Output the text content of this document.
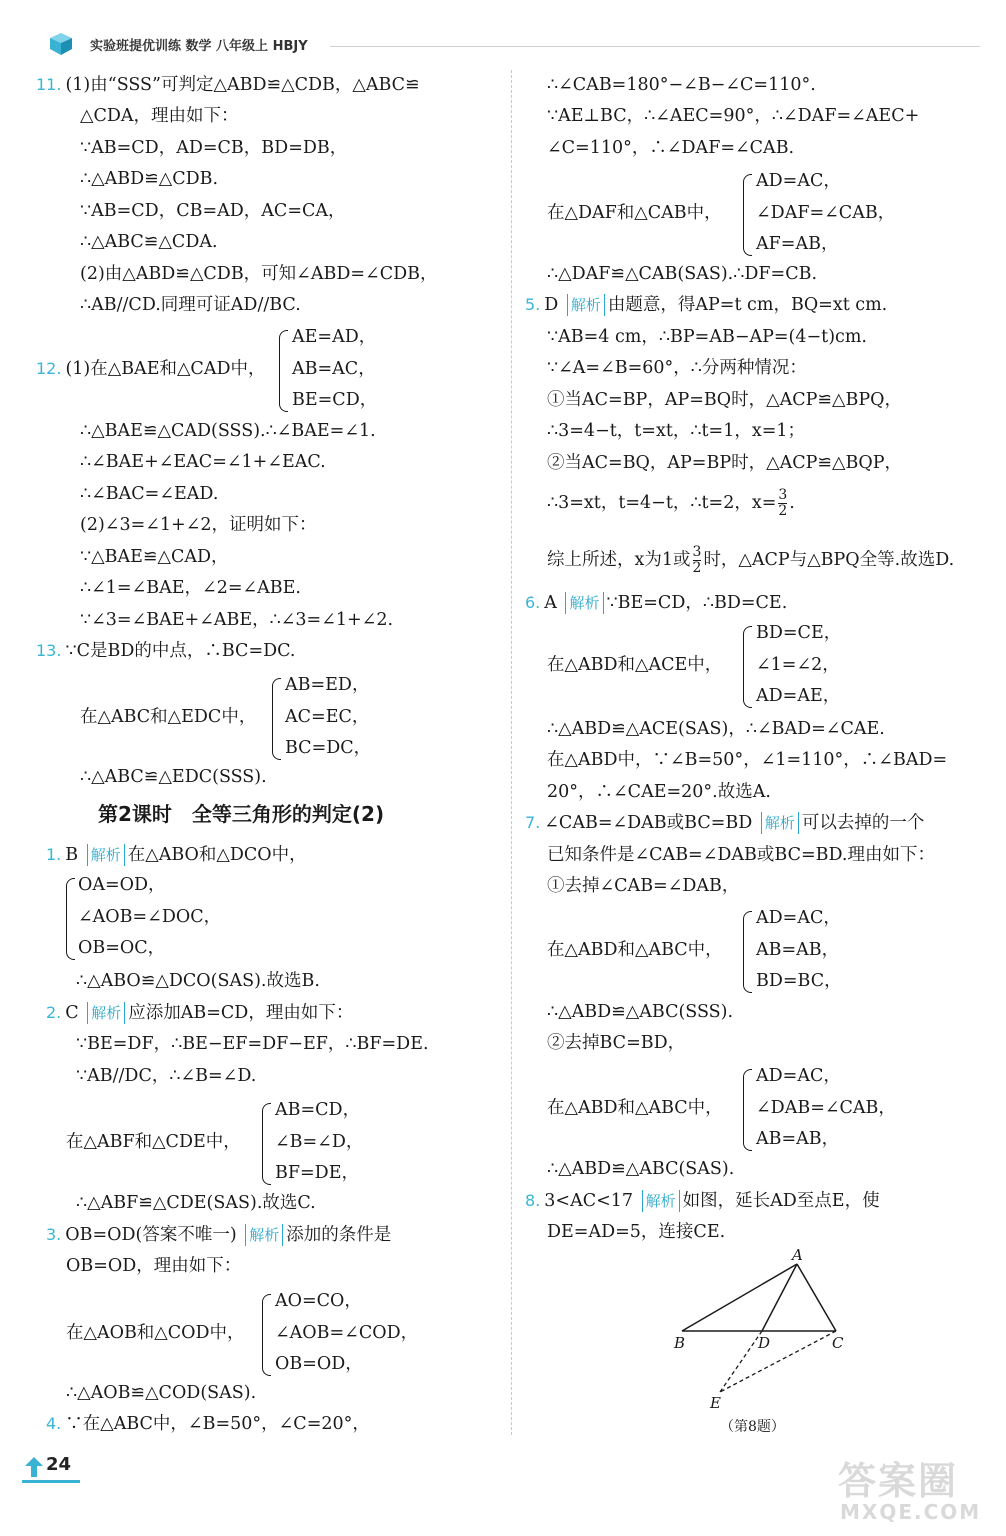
实验班提优训练 数学 八年级上 HBJY
11. (1)由“SSS”可判定△ABD≌△CDB，△ABC≌
△CDA，理由如下：
∵AB=CD，AD=CB，BD=DB，
∴△ABD≌△CDB.
∵AB=CD，CB=AD，AC=CA，
∴△ABC≌△CDA.
(2)由△ABD≌△CDB，可知∠ABD=∠CDB，
∴AB//CD.同理可证AD//BC.
12. (1)在△BAE和△CAD中，
AE=AD，
AB=AC，
BE=CD，
∴△BAE≌△CAD(SSS).∴∠BAE=∠1.
∴∠BAE+∠EAC=∠1+∠EAC.
∴∠BAC=∠EAD.
(2)∠3=∠1+∠2，证明如下：
∵△BAE≌△CAD，
∴∠1=∠BAE，∠2=∠ABE.
∵∠3=∠BAE+∠ABE，∴∠3=∠1+∠2.
13. ∵C是BD的中点，∴BC=DC.
在△ABC和△EDC中，
AB=ED，
AC=EC，
BC=DC，
∴△ABC≌△EDC(SSS).
第2课时　全等三角形的判定(2)
1. B 解析 在△ABO和△DCO中，
OA=OD，
∠AOB=∠DOC，
OB=OC，
∴△ABO≌△DCO(SAS).故选B.
2. C 解析 应添加AB=CD，理由如下：
∵BE=DF，∴BE−EF=DF−EF，∴BF=DE.
∵AB//DC，∴∠B=∠D.
在△ABF和△CDE中，
AB=CD，
∠B=∠D，
BF=DE，
∴△ABF≌△CDE(SAS).故选C.
3. OB=OD(答案不唯一) 解析 添加的条件是
OB=OD，理由如下：
在△AOB和△COD中，
AO=CO，
∠AOB=∠COD，
OB=OD，
∴△AOB≌△COD(SAS).
4. ∵在△ABC中，∠B=50°，∠C=20°，
∴∠CAB=180°−∠B−∠C=110°.
∵AE⊥BC，∴∠AEC=90°，∴∠DAF=∠AEC+
∠C=110°，∴∠DAF=∠CAB.
在△DAF和△CAB中，
AD=AC，
∠DAF=∠CAB，
AF=AB，
∴△DAF≌△CAB(SAS).∴DF=CB.
5. D 解析 由题意，得AP=t cm，BQ=xt cm.
∵AB=4 cm，∴BP=AB−AP=(4−t)cm.
∵∠A=∠B=60°，∴分两种情况：
①当AC=BP，AP=BQ时，△ACP≌△BPQ，
∴3=4−t，t=xt，∴t=1，x=1；
②当AC=BQ，AP=BP时，△ACP≌△BQP，
∴3=xt，t=4−t，∴t=2，$x= \frac{3}{2}$ .
综上所述，x为1或 $\frac{3}{2}$ 时，△ACP与△BPQ全等.故选D.
6. A 解析 ∵BE=CD，∴BD=CE.
在△ABD和△ACE中，
BD=CE，
∠1=∠2，
AD=AE，
∴△ABD≌△ACE(SAS)，∴∠BAD=∠CAE.
在△ABD中，∵∠B=50°，∠1=110°，∴∠BAD=
20°，∴∠CAE=20°.故选A.
7. ∠CAB=∠DAB或BC=BD 解析 可以去掉的一个
已知条件是∠CAB=∠DAB或BC=BD.理由如下：
①去掉∠CAB=∠DAB，
在△ABD和△ABC中，
AD=AC，
AB=AB，
BD=BC，
∴△ABD≌△ABC(SSS).
②去掉BC=BD，
在△ABD和△ABC中，
AD=AC，
∠DAB=∠CAB，
AB=AB，
∴△ABD≌△ABC(SAS).
8. 3<AC<17 解析 如图，延长AD至点E，使
DE=AD=5，连接CE.
A
B	D	C
E
（第8题）
24	答案圈
MXQE.COM
